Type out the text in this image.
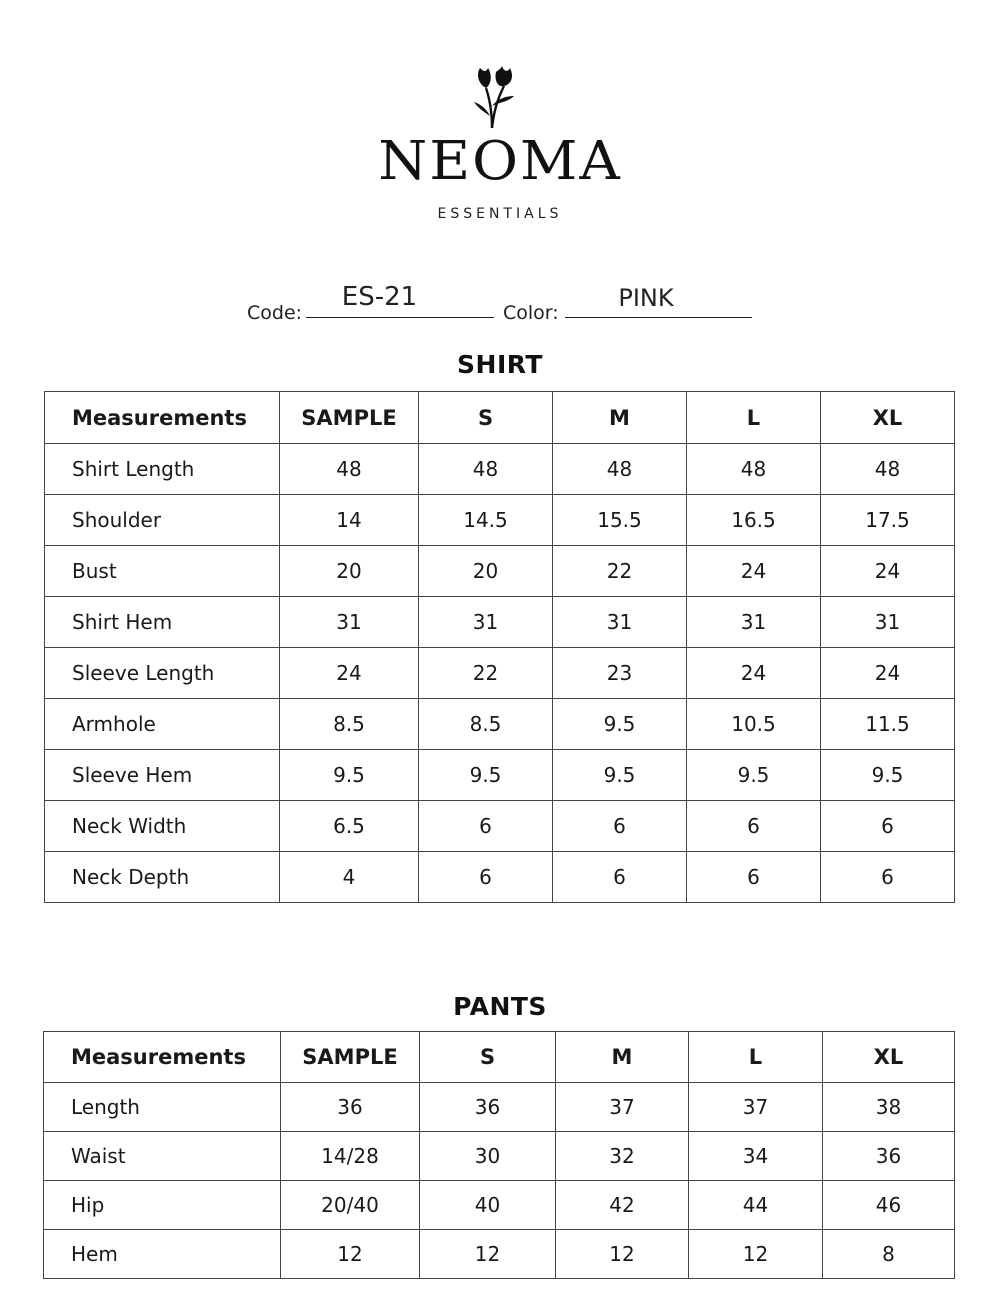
NEOMA
ESSENTIALS
Code:
ES-21
Color:
PINK
SHIRT
Measurements	SAMPLE	S	M	L	XL
Shirt Length	48	48	48	48	48
Shoulder	14	14.5	15.5	16.5	17.5
Bust	20	20	22	24	24
Shirt Hem	31	31	31	31	31
Sleeve Length	24	22	23	24	24
Armhole	8.5	8.5	9.5	10.5	11.5
Sleeve Hem	9.5	9.5	9.5	9.5	9.5
Neck Width	6.5	6	6	6	6
Neck Depth	4	6	6	6	6
PANTS
Measurements	SAMPLE	S	M	L	XL
Length	36	36	37	37	38
Waist	14/28	30	32	34	36
Hip	20/40	40	42	44	46
Hem	12	12	12	12	8
